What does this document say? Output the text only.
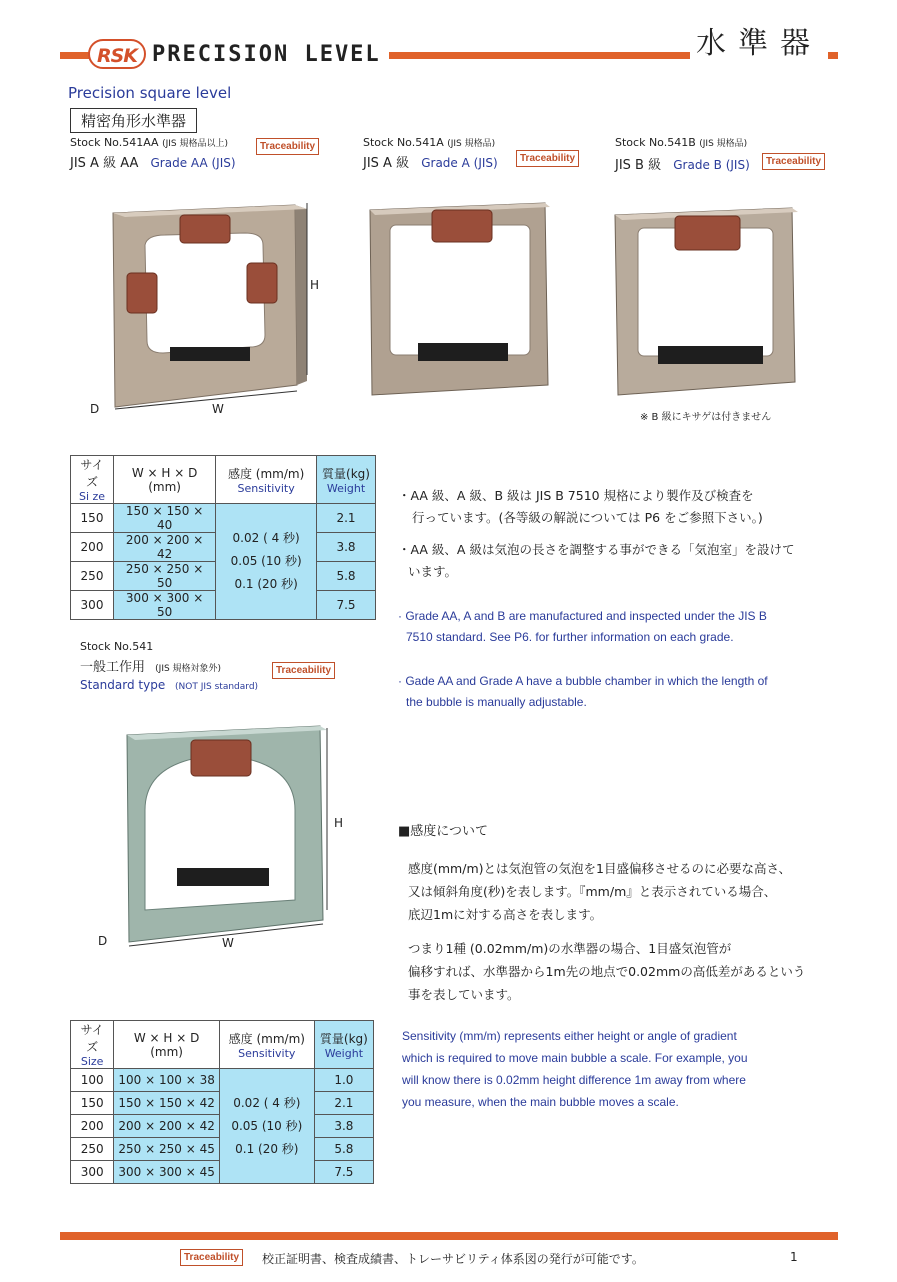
RSK PRECISION LEVEL	水準器
Precision square level
精密角形水準器
Stock No.541AA (JIS 規格品以上)
JIS A 級 AA Grade AA (JIS)
Traceability	Stock No.541A (JIS 規格品)
JIS A 級 Grade A (JIS)	Traceability
Stock No.541B (JIS 規格品)
JIS B 級 Grade B (JIS)	Traceability
H
W
D
※ B 級にキサゲは付きません
サイズ
Si ze	W × H × D (mm)	感度 (mm/m)
Sensitivity	質量(kg)
Weight

150	150 × 150 × 40	0.02 ( 4 秒)
0.05 (10 秒)
0.1 (20 秒)	2.1
200	200 × 200 × 42		3.8
250	250 × 250 × 50		5.8
300	300 × 300 × 50		7.5
・AA 級、A 級、B 級は JIS B 7510 規格により製作及び検査を
行っています。(各等級の解説については P6 をご参照下さい。)
・AA 級、A 級は気泡の長さを調整する事ができる「気泡室」を設けて
います。
· Grade AA, A and B are manufactured and inspected under the JIS B
7510 standard. See P6. for further information on each grade.
· Gade AA and Grade A have a bubble chamber in which the length of
the bubble is manually adjustable.
Stock No.541
一般工作用 (JIS 規格対象外)
Standard type (NOT JIS standard)
Traceability
H
W
D
■感度について
感度(mm/m)とは気泡管の気泡を1目盛偏移させるのに必要な高さ、
又は傾斜角度(秒)を表します。『mm/m』と表示されている場合、
底辺1mに対する高さを表します。
つまり1種 (0.02mm/m)の水準器の場合、1目盛気泡管が
偏移すれば、水準器から1m先の地点で0.02mmの高低差があるという
事を表しています。
Sensitivity (mm/m) represents either height or angle of gradient
which is required to move main bubble a scale. For example, you
will know there is 0.02mm height difference 1m away from where
you measure, when the main bubble moves a scale.
サイズ
Size	W × H × D (mm)	感度 (mm/m)
Sensitivity	質量(kg)
Weight

100	100 × 100 × 38	0.02 ( 4 秒)
0.05 (10 秒)
0.1 (20 秒)	1.0
150	150 × 150 × 42		2.1
200	200 × 200 × 42		3.8
250	250 × 250 × 45		5.8
300	300 × 300 × 45		7.5
Traceability	校正証明書、検査成績書、トレーサビリティ体系図の発行が可能です。	1
